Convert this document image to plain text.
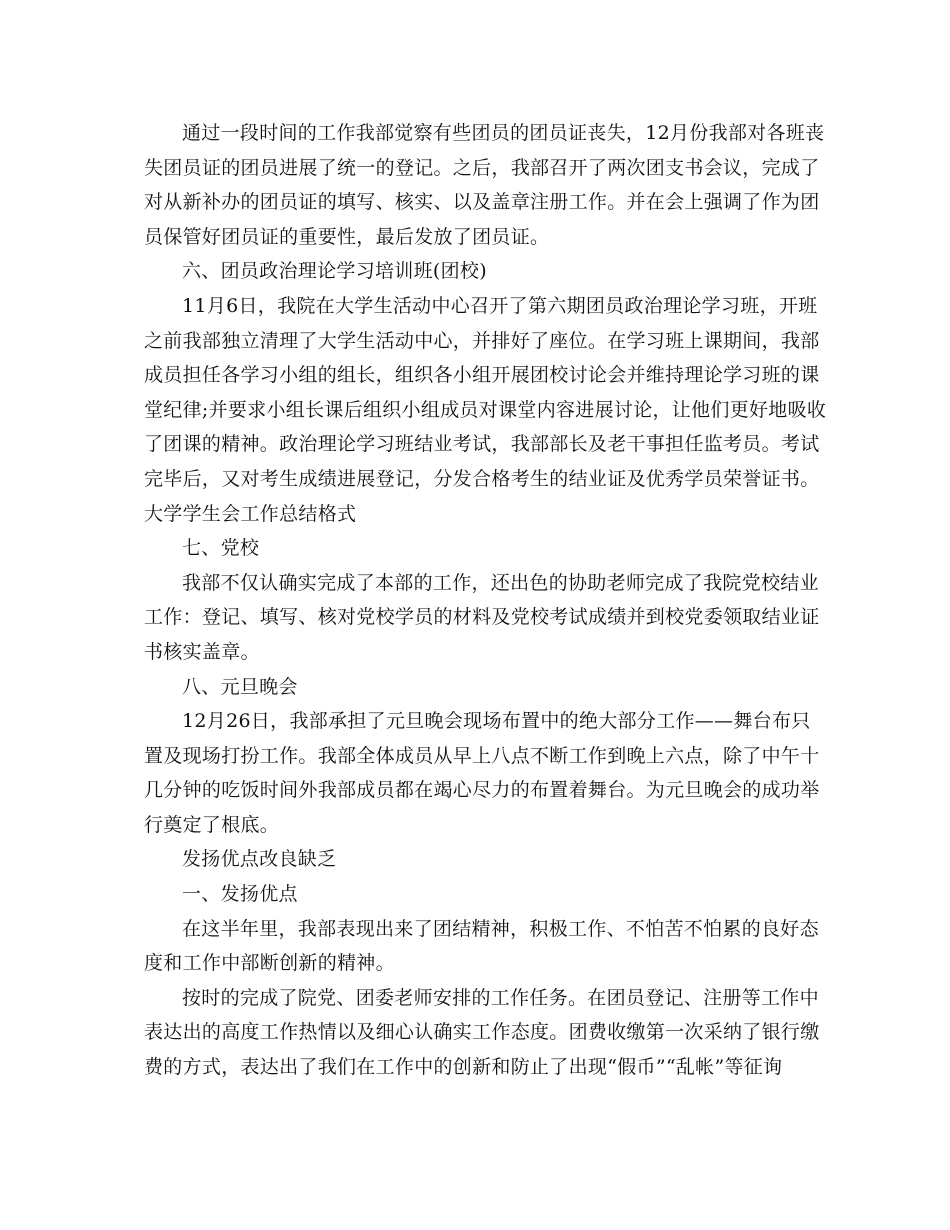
通过一段时间的工作我部觉察有些团员的团员证丧失，12月份我部对各班丧
失团员证的团员进展了统一的登记。之后，我部召开了两次团支书会议，完成了
对从新补办的团员证的填写、核实、以及盖章注册工作。并在会上强调了作为团
员保管好团员证的重要性，最后发放了团员证。
六、团员政治理论学习培训班(团校)
11月6日，我院在大学生活动中心召开了第六期团员政治理论学习班，开班
之前我部独立清理了大学生活动中心，并排好了座位。在学习班上课期间，我部
成员担任各学习小组的组长，组织各小组开展团校讨论会并维持理论学习班的课
堂纪律;并要求小组长课后组织小组成员对课堂内容进展讨论，让他们更好地吸收
了团课的精神。政治理论学习班结业考试，我部部长及老干事担任监考员。考试
完毕后，又对考生成绩进展登记，分发合格考生的结业证及优秀学员荣誉证书。
大学学生会工作总结格式
七、党校
我部不仅认确实完成了本部的工作，还出色的协助老师完成了我院党校结业
工作：登记、填写、核对党校学员的材料及党校考试成绩并到校党委领取结业证
书核实盖章。
八、元旦晚会
12月26日，我部承担了元旦晚会现场布置中的绝大部分工作——舞台布只
置及现场打扮工作。我部全体成员从早上八点不断工作到晚上六点，除了中午十
几分钟的吃饭时间外我部成员都在竭心尽力的布置着舞台。为元旦晚会的成功举
行奠定了根底。
发扬优点改良缺乏
一、发扬优点
在这半年里，我部表现出来了团结精神，积极工作、不怕苦不怕累的良好态
度和工作中部断创新的精神。
按时的完成了院党、团委老师安排的工作任务。在团员登记、注册等工作中
表达出的高度工作热情以及细心认确实工作态度。团费收缴第一次采纳了银行缴
费的方式，表达出了我们在工作中的创新和防止了出现“假币”“乱帐”等征询
